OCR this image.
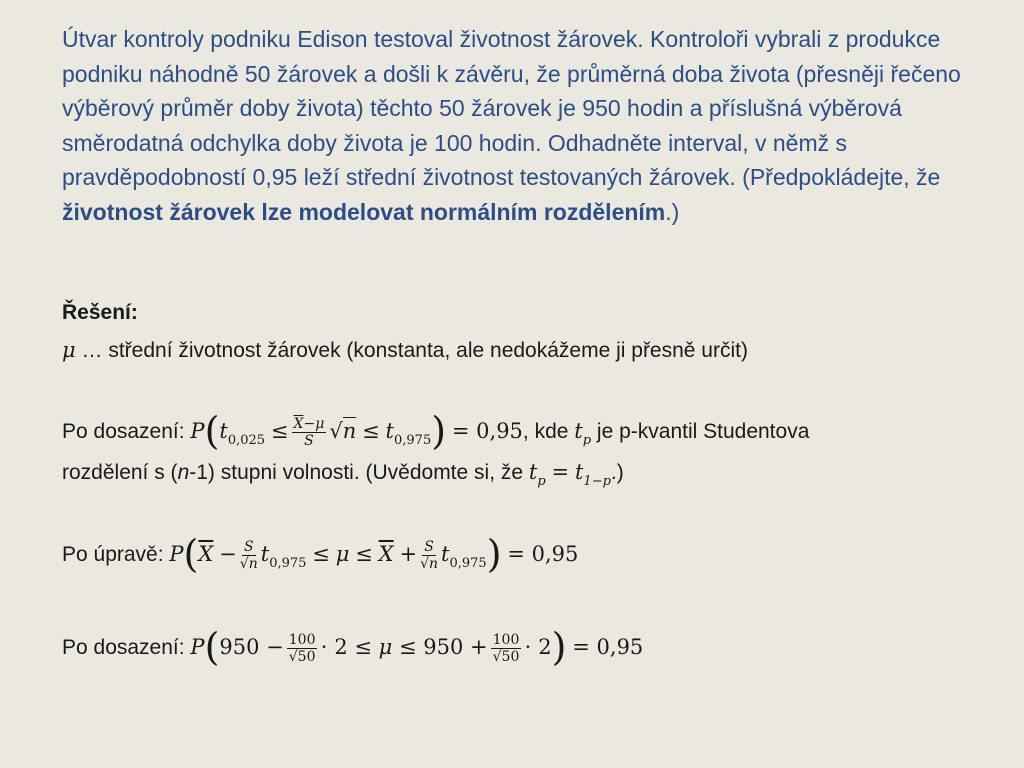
Útvar kontroly podniku Edison testoval životnost žárovek. Kontroloři vybrali z produkce podniku náhodně 50 žárovek a došli k závěru, že průměrná doba života (přesněji řečeno výběrový průměr doby života) těchto 50 žárovek je 950 hodin a příslušná výběrová směrodatná odchylka doby života je 100 hodin. Odhadněte interval, v němž s pravděpodobností 0,95 leží střední životnost testovaných žárovek. (Předpokládejte, že životnost žárovek lze modelovat normálním rozdělením.)
Řešení:
μ … střední životnost žárovek (konstanta, ale nedokážeme ji přesně určit)
Po dosazení: $P(t_{0,025} \le \frac{\overline{X}-\mu}{S} √n \le t_{0,975}) = 0,95$, kde $t_p$ je p-kvantil Studentova
rozdělení s (n-1) stupni volnosti. (Uvědomte si, že $t_p = t_{1-p}$.)
Po úpravě: $P(\overline{X} - \frac{S}{√n} t_{0,975} \le \mu \le \overline{X} + \frac{S}{√n} t_{0,975}) = 0,95$
Po dosazení: $P(950 - \frac{100}{√50} \cdot 2 \le \mu \le 950 + \frac{100}{√50} \cdot 2) = 0,95$
